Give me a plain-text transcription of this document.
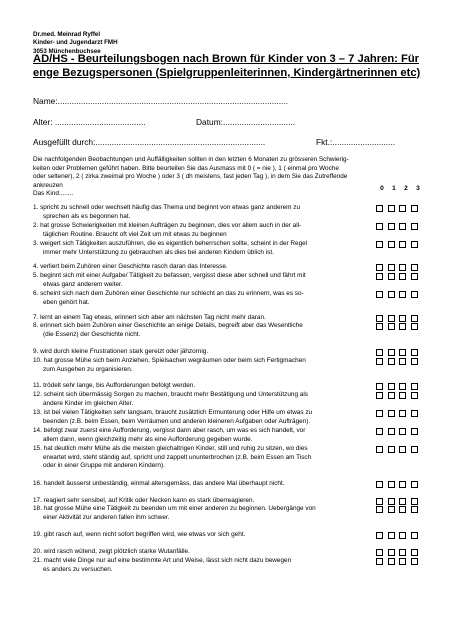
Dr.med. Meinrad Ryffel
Kinder- und Jugendarzt FMH
3053 Münchenbuchsee
AD/HS - Beurteilungsbogen nach Brown für Kinder von 3 – 7 Jahren: Für
enge Bezugspersonen (Spielgruppenleiterinnen, Kindergärtnerinnen etc)
Name:...................................................................................................
Alter: .......................................	Datum:...............................
Ausgefüllt durch:.........................................................................	Fkt.:...........................
Die nachfolgenden Beobachtungen und Auffälligkeiten sollten in den letzten 6 Monaten zu grösseren Schwierig-
keiten oder Problemen geführt haben. Bitte beurteilen Sie das Ausmass mit 0 ( = nie ), 1 ( einmal pro Woche
oder seltener), 2 ( zirka zweimal pro Woche ) oder 3 ( dh meistens, fast jeden Tag ), in dem Sie das Zutreffende
ankreuzen
Das Kind........
0	1	2	3
1. spricht zu schnell oder wechselt häufig das Thema und beginnt von etwas ganz anderem zu
sprechen als es begonnen hat.
2. hat grosse Schwierigkeiten mit kleinen Aufträgen zu beginnen, dies vor allem auch in der all-
täglichen Routine. Braucht oft viel Zeit um mit etwas zu beginnen
3. weigert sich Tätigkeiten auszuführen, die es eigentlich beherrschen sollte, scheint in der Regel
immer mehr Unterstützung zu gebrauchen als dies bei anderen Kindern üblich ist.
4. verliert beim Zuhören einer Geschichte rasch daran das Interesse.
5. beginnt sich mit einer Aufgabe/ Tätigkeit zu befassen, vergisst diese aber schnell und fährt mit
etwas ganz anderem weiter.
6. scheint sich nach dem Zuhören einer Geschichte nur schlecht an das zu erinnern, was es so-
eben gehört hat.
7. lernt an einem Tag etwas, erinnert sich aber am nächsten Tag nicht mehr daran.
8. erinnert sich beim Zuhören einer Geschichte an einige Details, begreift aber das Wesentliche
(die Essenz) der Geschichte nicht.
9. wird durch kleine Frustrationen stark gereizt oder jähzornig.
10. hat grosse Mühe sich beim Anziehen, Spielsachen wegräumen oder beim sich Fertigmachen
zum Ausgehen zu organisieren.
11. trödelt sehr lange, bis Aufforderungen befolgt werden.
12. scheint sich übermässig Sorgen zu machen, braucht mehr Bestätigung und Unterstützung als
andere Kinder im gleichen Alter.
13. ist bei vielen Tätigkeiten sehr langsam, braucht zusätzlich Ermunterung oder Hilfe um etwas zu
beenden (z.B. beim Essen, beim Verräumen und anderen kleineren Aufgaben oder Aufträgen).
14. befolgt zwar zuerst eine Aufforderung, vergisst dann aber rasch, um was es sich handelt, vor
allem dann, wenn gleichzeitig mehr als eine Aufforderung gegeben wurde.
15. hat deutlich mehr Mühe als die meisten gleichaltrigen Kinder, still und ruhig zu sitzen, wo dies
erwartet wird, steht ständig auf, spricht und zappelt ununterbrochen (z.B. beim Essen am Tisch
oder in einer Gruppe mit anderen Kindern).
16. handelt äusserst unbeständig, einmal altersgemäss, das andere Mal überhaupt nicht.
17. reagiert sehr sensibel, auf Kritik oder Necken kann es stark überreagieren.
18. hat grosse Mühe eine Tätigkeit zu beenden um mit einer anderen zu beginnen. Uebergänge von
einer Aktivität zur anderen fallen ihm schwer.
19. gibt rasch auf, wenn nicht sofort begriffen wird, wie etwas vor sich geht.
20. wird rasch wütend, zeigt plötzlich starke Wutanfälle.
21. macht viele Dinge nur auf eine bestimmte Art und Weise, lässt sich nicht dazu bewegen
es anders zu versuchen.
